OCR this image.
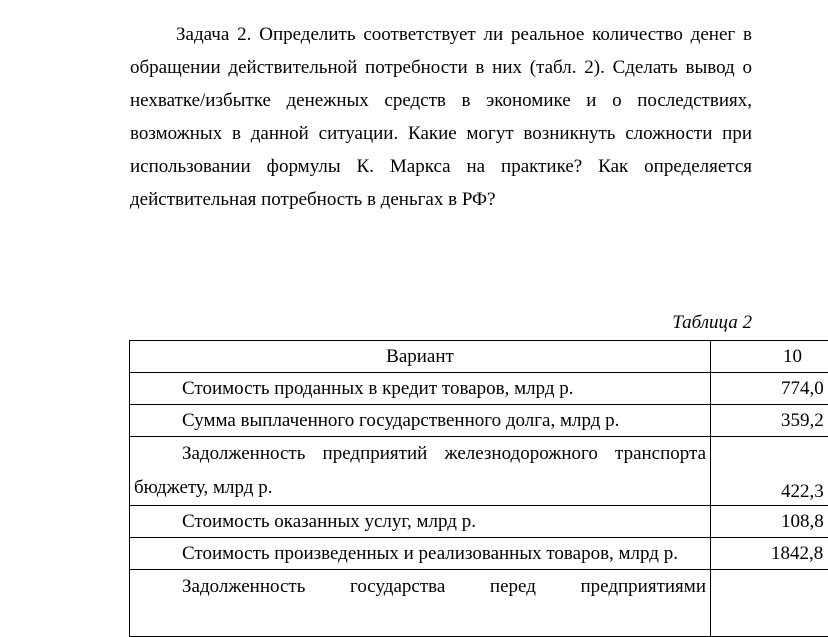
Задача 2. Определить соответствует ли реальное количество денег в обращении действительной потребности в них (табл. 2). Сделать вывод о нехватке/избытке денежных средств в экономике и о последствиях, возможных в данной ситуации. Какие могут возникнуть сложности при использовании формулы К. Маркса на практике? Как определяется действительная потребность в деньгах в РФ?

Таблица 2
Вариант	10
Стоимость проданных в кредит товаров, млрд р.	774,0
Сумма выплаченного государственного долга, млрд р.	359,2

Задолженность предприятий железнодорожного транспорта
бюджету, млрд р.	422,3
Стоимость оказанных услуг, млрд р.	108,8
Стоимость произведенных и реализованных товаров, млрд р.	1842,8

Задолженность государства перед предприятиями	
